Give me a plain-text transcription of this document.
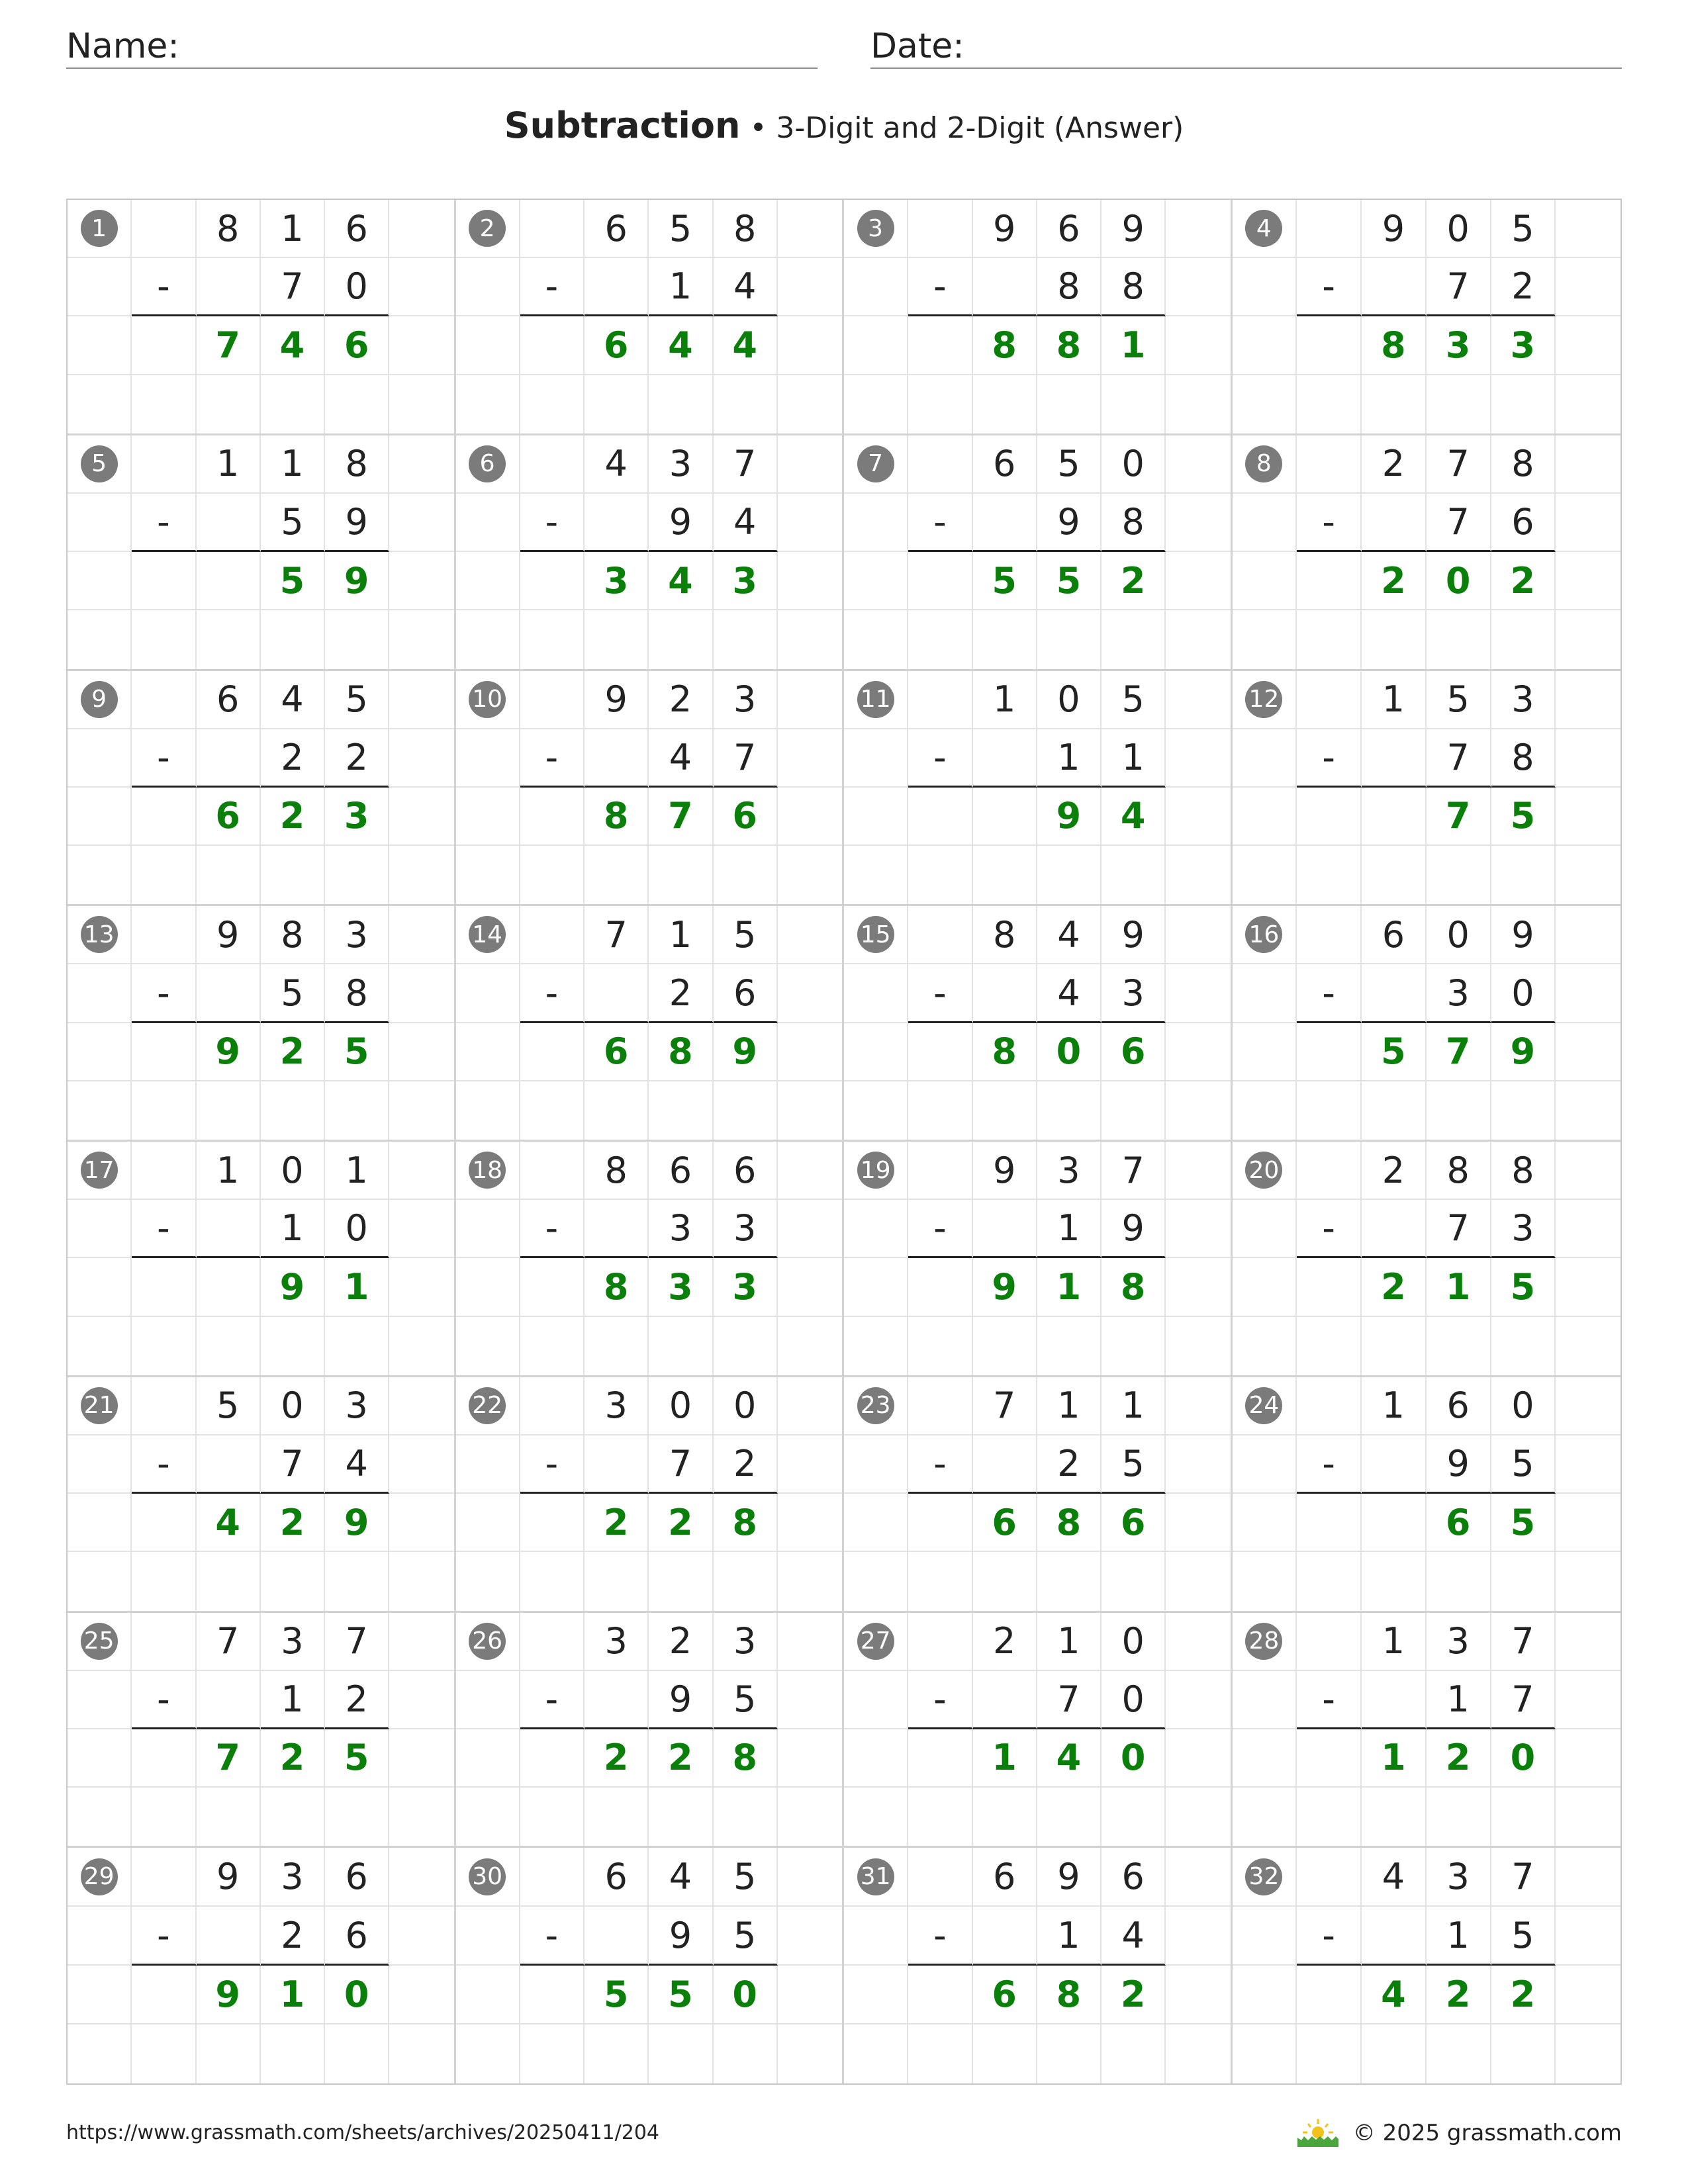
Name:	Date:
Subtraction • 3-Digit and 2-Digit (Answer)
1	8	1	6
-	7	0
7	4	6
2	6	5	8
-	1	4
6	4	4
3	9	6	9
-	8	8
8	8	1
4	9	0	5
-	7	2
8	3	3
5	1	1	8
-	5	9
5	9
6	4	3	7
-	9	4
3	4	3
7	6	5	0
-	9	8
5	5	2
8	2	7	8
-	7	6
2	0	2
9	6	4	5
-	2	2
6	2	3
10	9	2	3
-	4	7
8	7	6
11	1	0	5
-	1	1
9	4
12	1	5	3
-	7	8
7	5
13	9	8	3
-	5	8
9	2	5
14	7	1	5
-	2	6
6	8	9
15	8	4	9
-	4	3
8	0	6
16	6	0	9
-	3	0
5	7	9
17	1	0	1
-	1	0
9	1
18	8	6	6
-	3	3
8	3	3
19	9	3	7
-	1	9
9	1	8
20	2	8	8
-	7	3
2	1	5
21	5	0	3
-	7	4
4	2	9
22	3	0	0
-	7	2
2	2	8
23	7	1	1
-	2	5
6	8	6
24	1	6	0
-	9	5
6	5
25	7	3	7
-	1	2
7	2	5
26	3	2	3
-	9	5
2	2	8
27	2	1	0
-	7	0
1	4	0
28	1	3	7
-	1	7
1	2	0
29	9	3	6
-	2	6
9	1	0
30	6	4	5
-	9	5
5	5	0
31	6	9	6
-	1	4
6	8	2
32	4	3	7
-	1	5
4	2	2
https://www.grassmath.com/sheets/archives/20250411/204	© 2025 grassmath.com
